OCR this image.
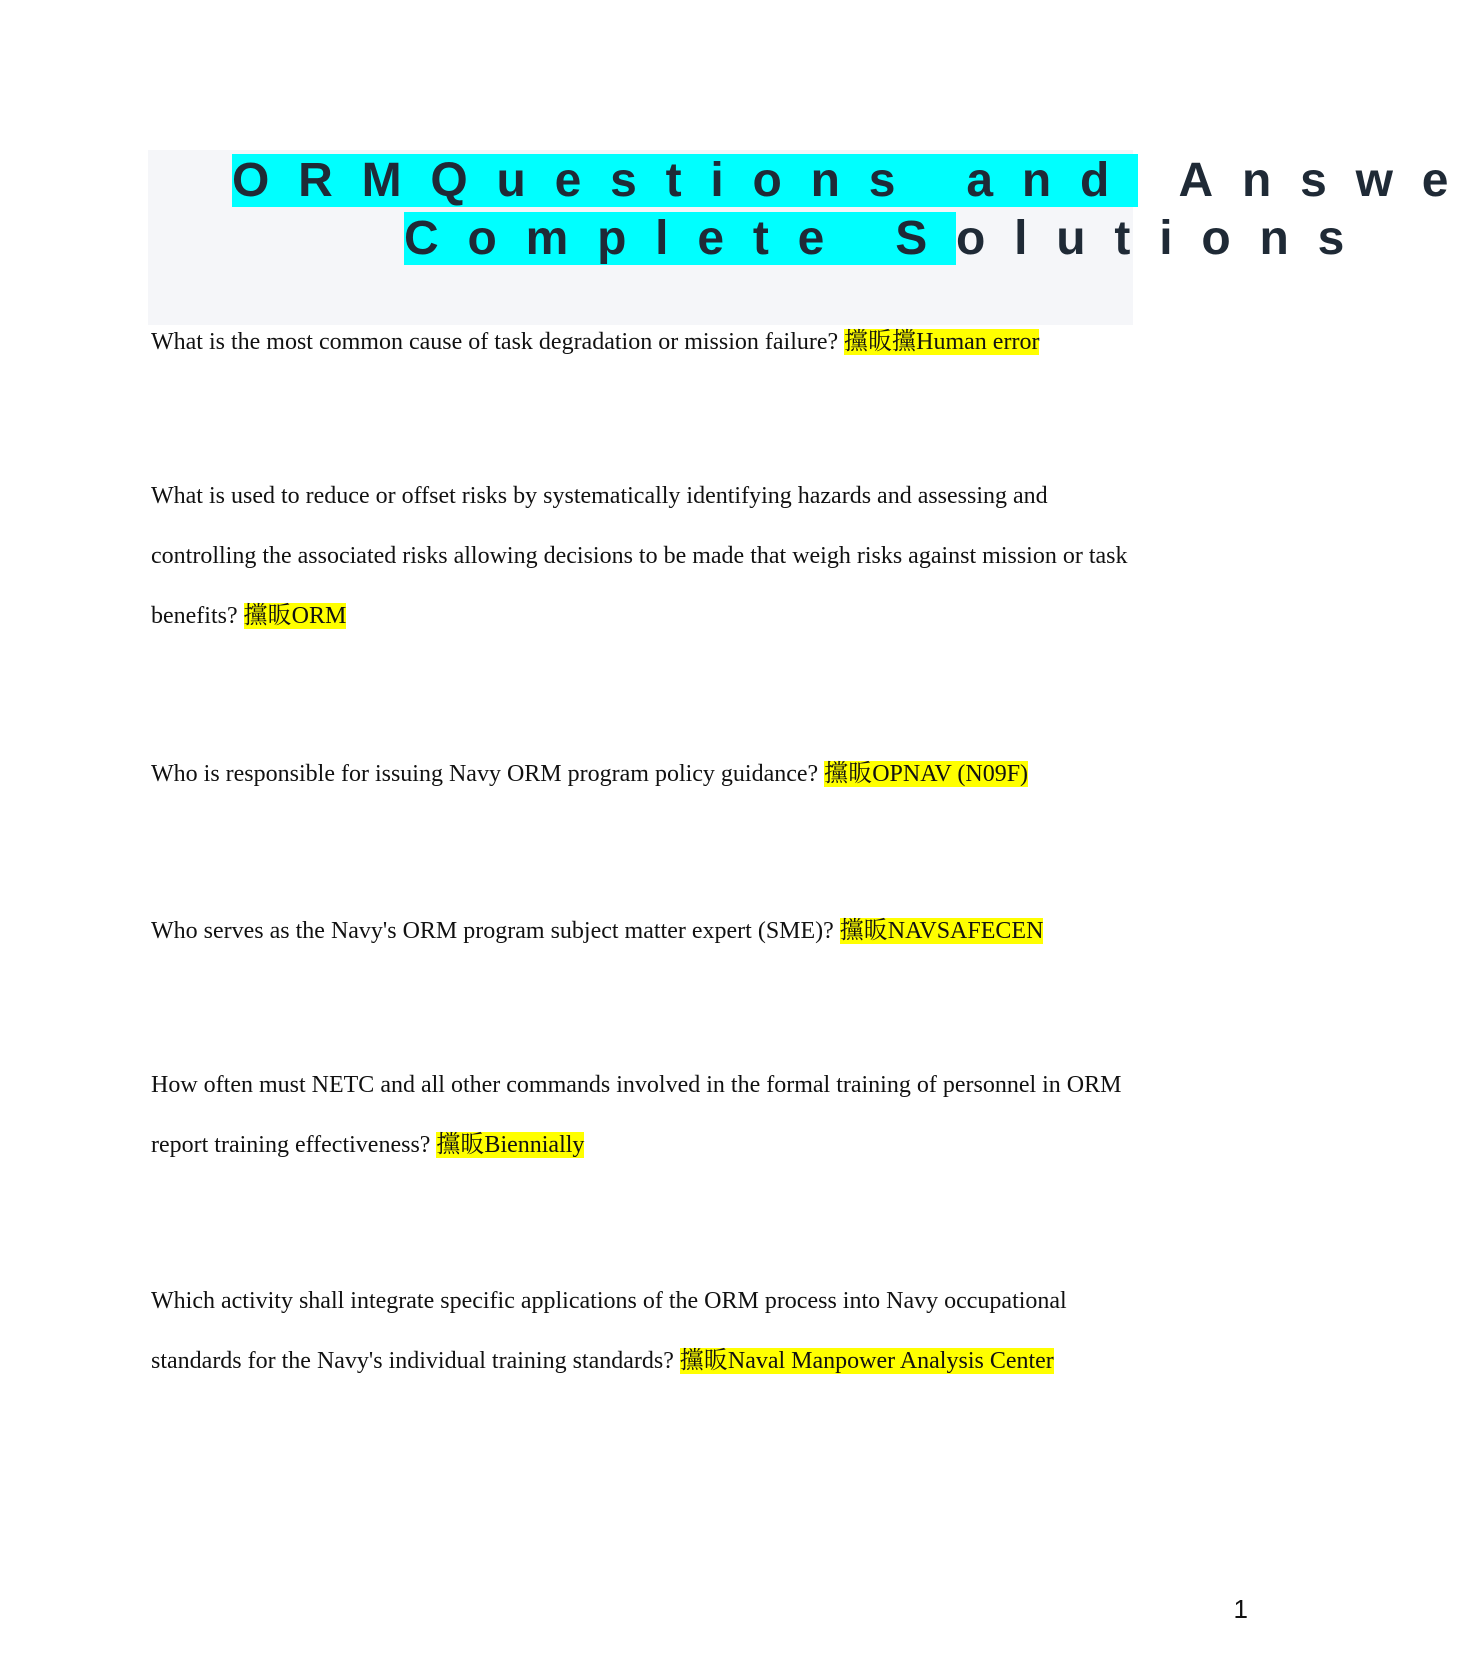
ORMQuestions and Answe
Complete Solutions

What is the most common cause of task degradation or mission failure? 攩昄攩Human error

What is used to reduce or offset risks by systematically identifying hazards and assessing and controlling the associated risks allowing decisions to be made that weigh risks against mission or task benefits? 攩昄ORM

Who is responsible for issuing Navy ORM program policy guidance? 攩昄OPNAV (N09F)

Who serves as the Navy's ORM program subject matter expert (SME)? 攩昄NAVSAFECEN

How often must NETC and all other commands involved in the formal training of personnel in ORM report training effectiveness? 攩昄Biennially

Which activity shall integrate specific applications of the ORM process into Navy occupational standards for the Navy's individual training standards? 攩昄Naval Manpower Analysis Center

1
